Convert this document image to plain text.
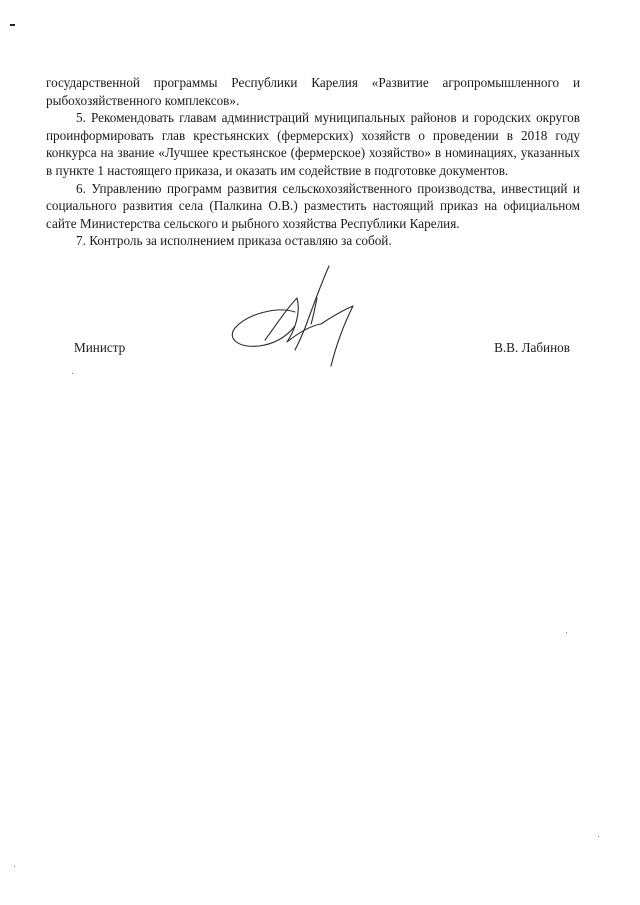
государственной программы Республики Карелия «Развитие агропромышленного и рыбохозяйственного комплексов».

5. Рекомендовать главам администраций муниципальных районов и городских округов проинформировать глав крестьянских (фермерских) хозяйств о проведении в 2018 году конкурса на звание «Лучшее крестьянское (фермерское) хозяйство» в номинациях, указанных в пункте 1 настоящего приказа, и оказать им содействие в подготовке документов.

6. Управлению программ развития сельскохозяйственного производства, инвестиций и социального развития села (Палкина О.В.) разместить настоящий приказ на официальном сайте Министерства сельского и рыбного хозяйства Республики Карелия.

7. Контроль за исполнением приказа оставляю за собой.

Министр	В.В. Лабинов
